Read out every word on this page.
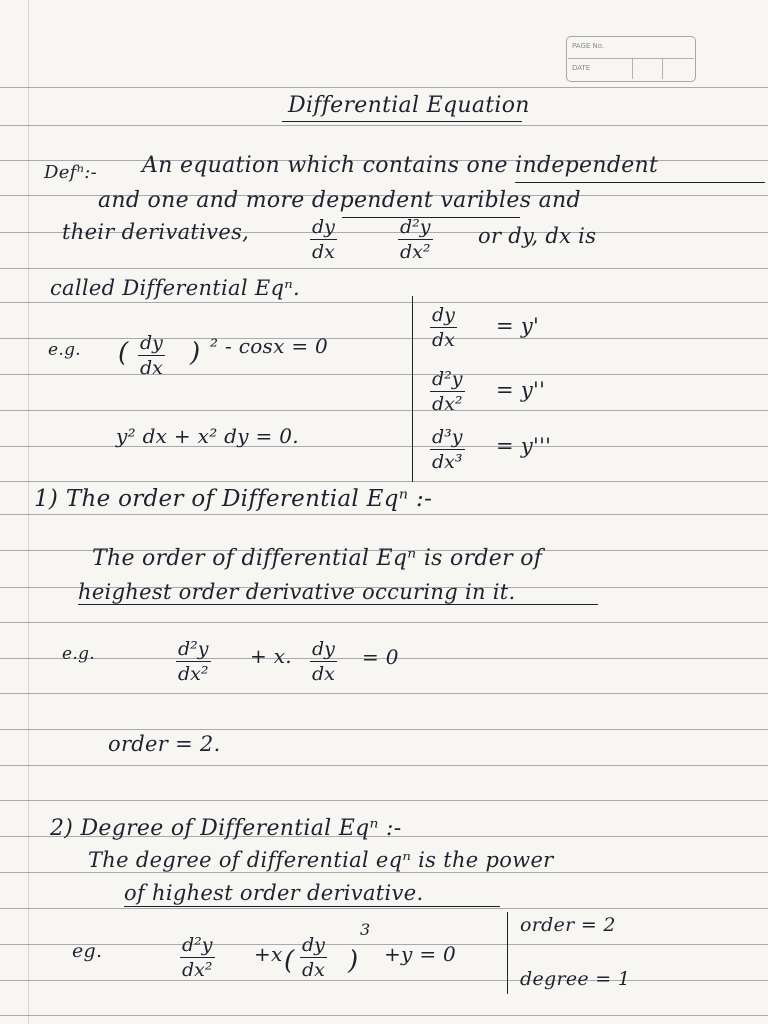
PAGE No.
DATE
Differential Equation
Defⁿ:- An equation which contains one independent
and one and more dependent varibles and
their derivatives,	$\frac{dy}{dx}$	$\frac{\text{d²y}}{\text{dx²}}$ or dy, dx is
called Differential Eqⁿ.
e.g. ( $\frac{dy}{dx}$ ) ² - cosx = 0
y² dx + x² dy = 0.
$\frac{dy}{dx} = y'$
$\frac{\text{d²y}}{\text{dx²}} = y''$
$\frac{\text{d³y}}{\text{dx³}} = y'''$
1) The order of Differential Eqⁿ :-
The order of differential Eqⁿ is order of
heighest order derivative occuring in it.
e.g.	$\frac{\text{d²y}}{\text{dx²}} + x$. $\frac{dy}{dx} = 0$
order = 2.
2) Degree of Differential Eqⁿ :-
The degree of differential eqⁿ is the power
of highest order derivative.
order = 2
degree = 1
eg.	$\frac{\text{d²y}}{\text{dx²}} +x$ ( $\frac{dy}{dx}$ )
3
+y = 0
